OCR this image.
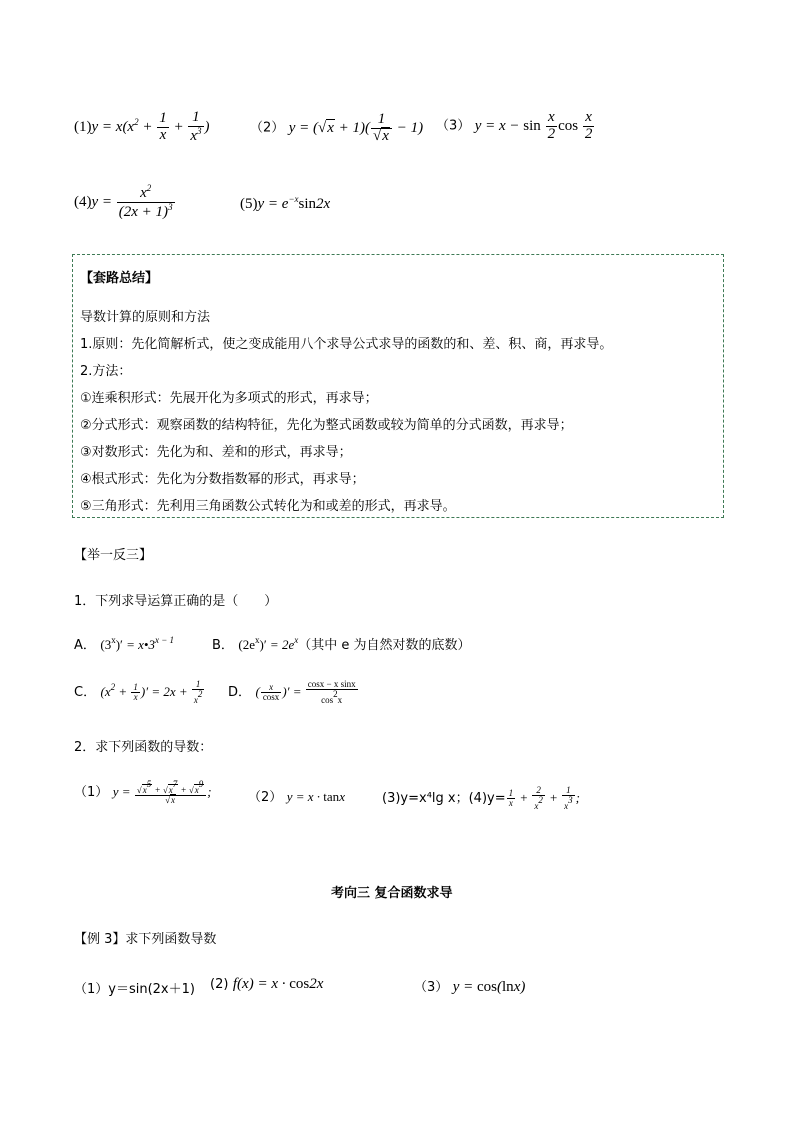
$(1)y = x(x^2 + \frac{1}{x} + \frac{1}{x^3}$ )	（2） $y = (√x + 1)( \frac{1}{√x} - 1)$ （3） $y = x - \sin \frac{x}{2}$ $\cos \frac{x}{2}$
$(4)y = \frac{x^2}{(2x + 1)^3}$	$(5)y = e^{-x}\sin 2x$
【套路总结】
导数计算的原则和方法
1.原则：先化简解析式，使之变成能用八个求导公式求导的函数的和、差、积、商，再求导。
2.方法：
①连乘积形式：先展开化为多项式的形式，再求导；
②分式形式：观察函数的结构特征，先化为整式函数或较为简单的分式函数，再求导；
③对数形式：先化为和、差和的形式，再求导；
④根式形式：先化为分数指数幂的形式，再求导；
⑤三角形式：先利用三角函数公式转化为和或差的形式，再求导。
【举一反三】
1．下列求导运算正确的是（　　）
A． $(3^x)'$ = $x•3^{x - 1}$	B． $(2e^x)' = 2e^x$（其中 e 为自然对数的底数）
C． ($x^2 + \frac{1}{x}$ )′ = $2x + \frac{1}{x^2}$ D． ( $\frac{x}{\cos x}$ )′ = $\frac{\text{cosx − x sinx}}{\cos^2x}$
2．求下列函数的导数：
（1） $y = \frac{√x^5 + √x^7 + √x^9}{√x}$ ;	（2） y = x · tanx	(3)y=x⁴lg x；$(4)y= \frac{1}{x} + \frac{2}{x^2} + \frac{1}{x^3}$ ;
考向三 复合函数求导
【例 3】求下列函数导数
（1）y＝sin(2x＋1) (2) f(x) = x · cos2x	（3） y = cos(lnx)
